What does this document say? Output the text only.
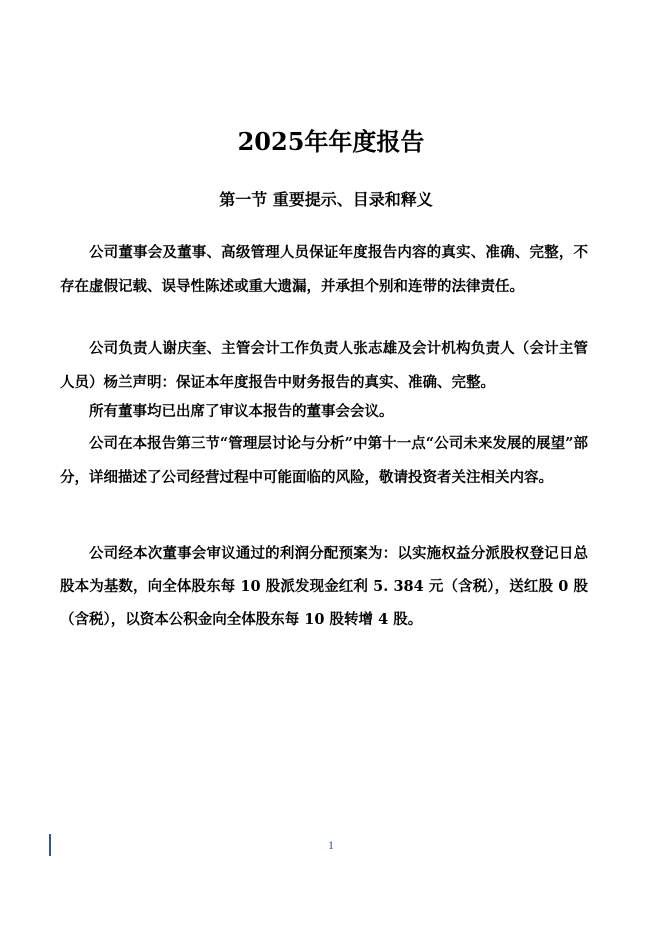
2025年年度报告
第一节 重要提示、目录和释义

公司董事会及董事、高级管理人员保证年度报告内容的真实、准确、完整，不存在虚假记载、误导性陈述或重大遗漏，并承担个别和连带的法律责任。

公司负责人谢庆奎、主管会计工作负责人张志雄及会计机构负责人（会计主管人员）杨兰声明：保证本年度报告中财务报告的真实、准确、完整。

所有董事均已出席了审议本报告的董事会会议。

公司在本报告第三节“管理层讨论与分析”中第十一点“公司未来发展的展望”部分，详细描述了公司经营过程中可能面临的风险，敬请投资者关注相关内容。

公司经本次董事会审议通过的利润分配预案为：以实施权益分派股权登记日总股本为基数，向全体股东每 10 股派发现金红利 5. 384 元（含税），送红股 0 股（含税），以资本公积金向全体股东每 10 股转增 4 股。

1
